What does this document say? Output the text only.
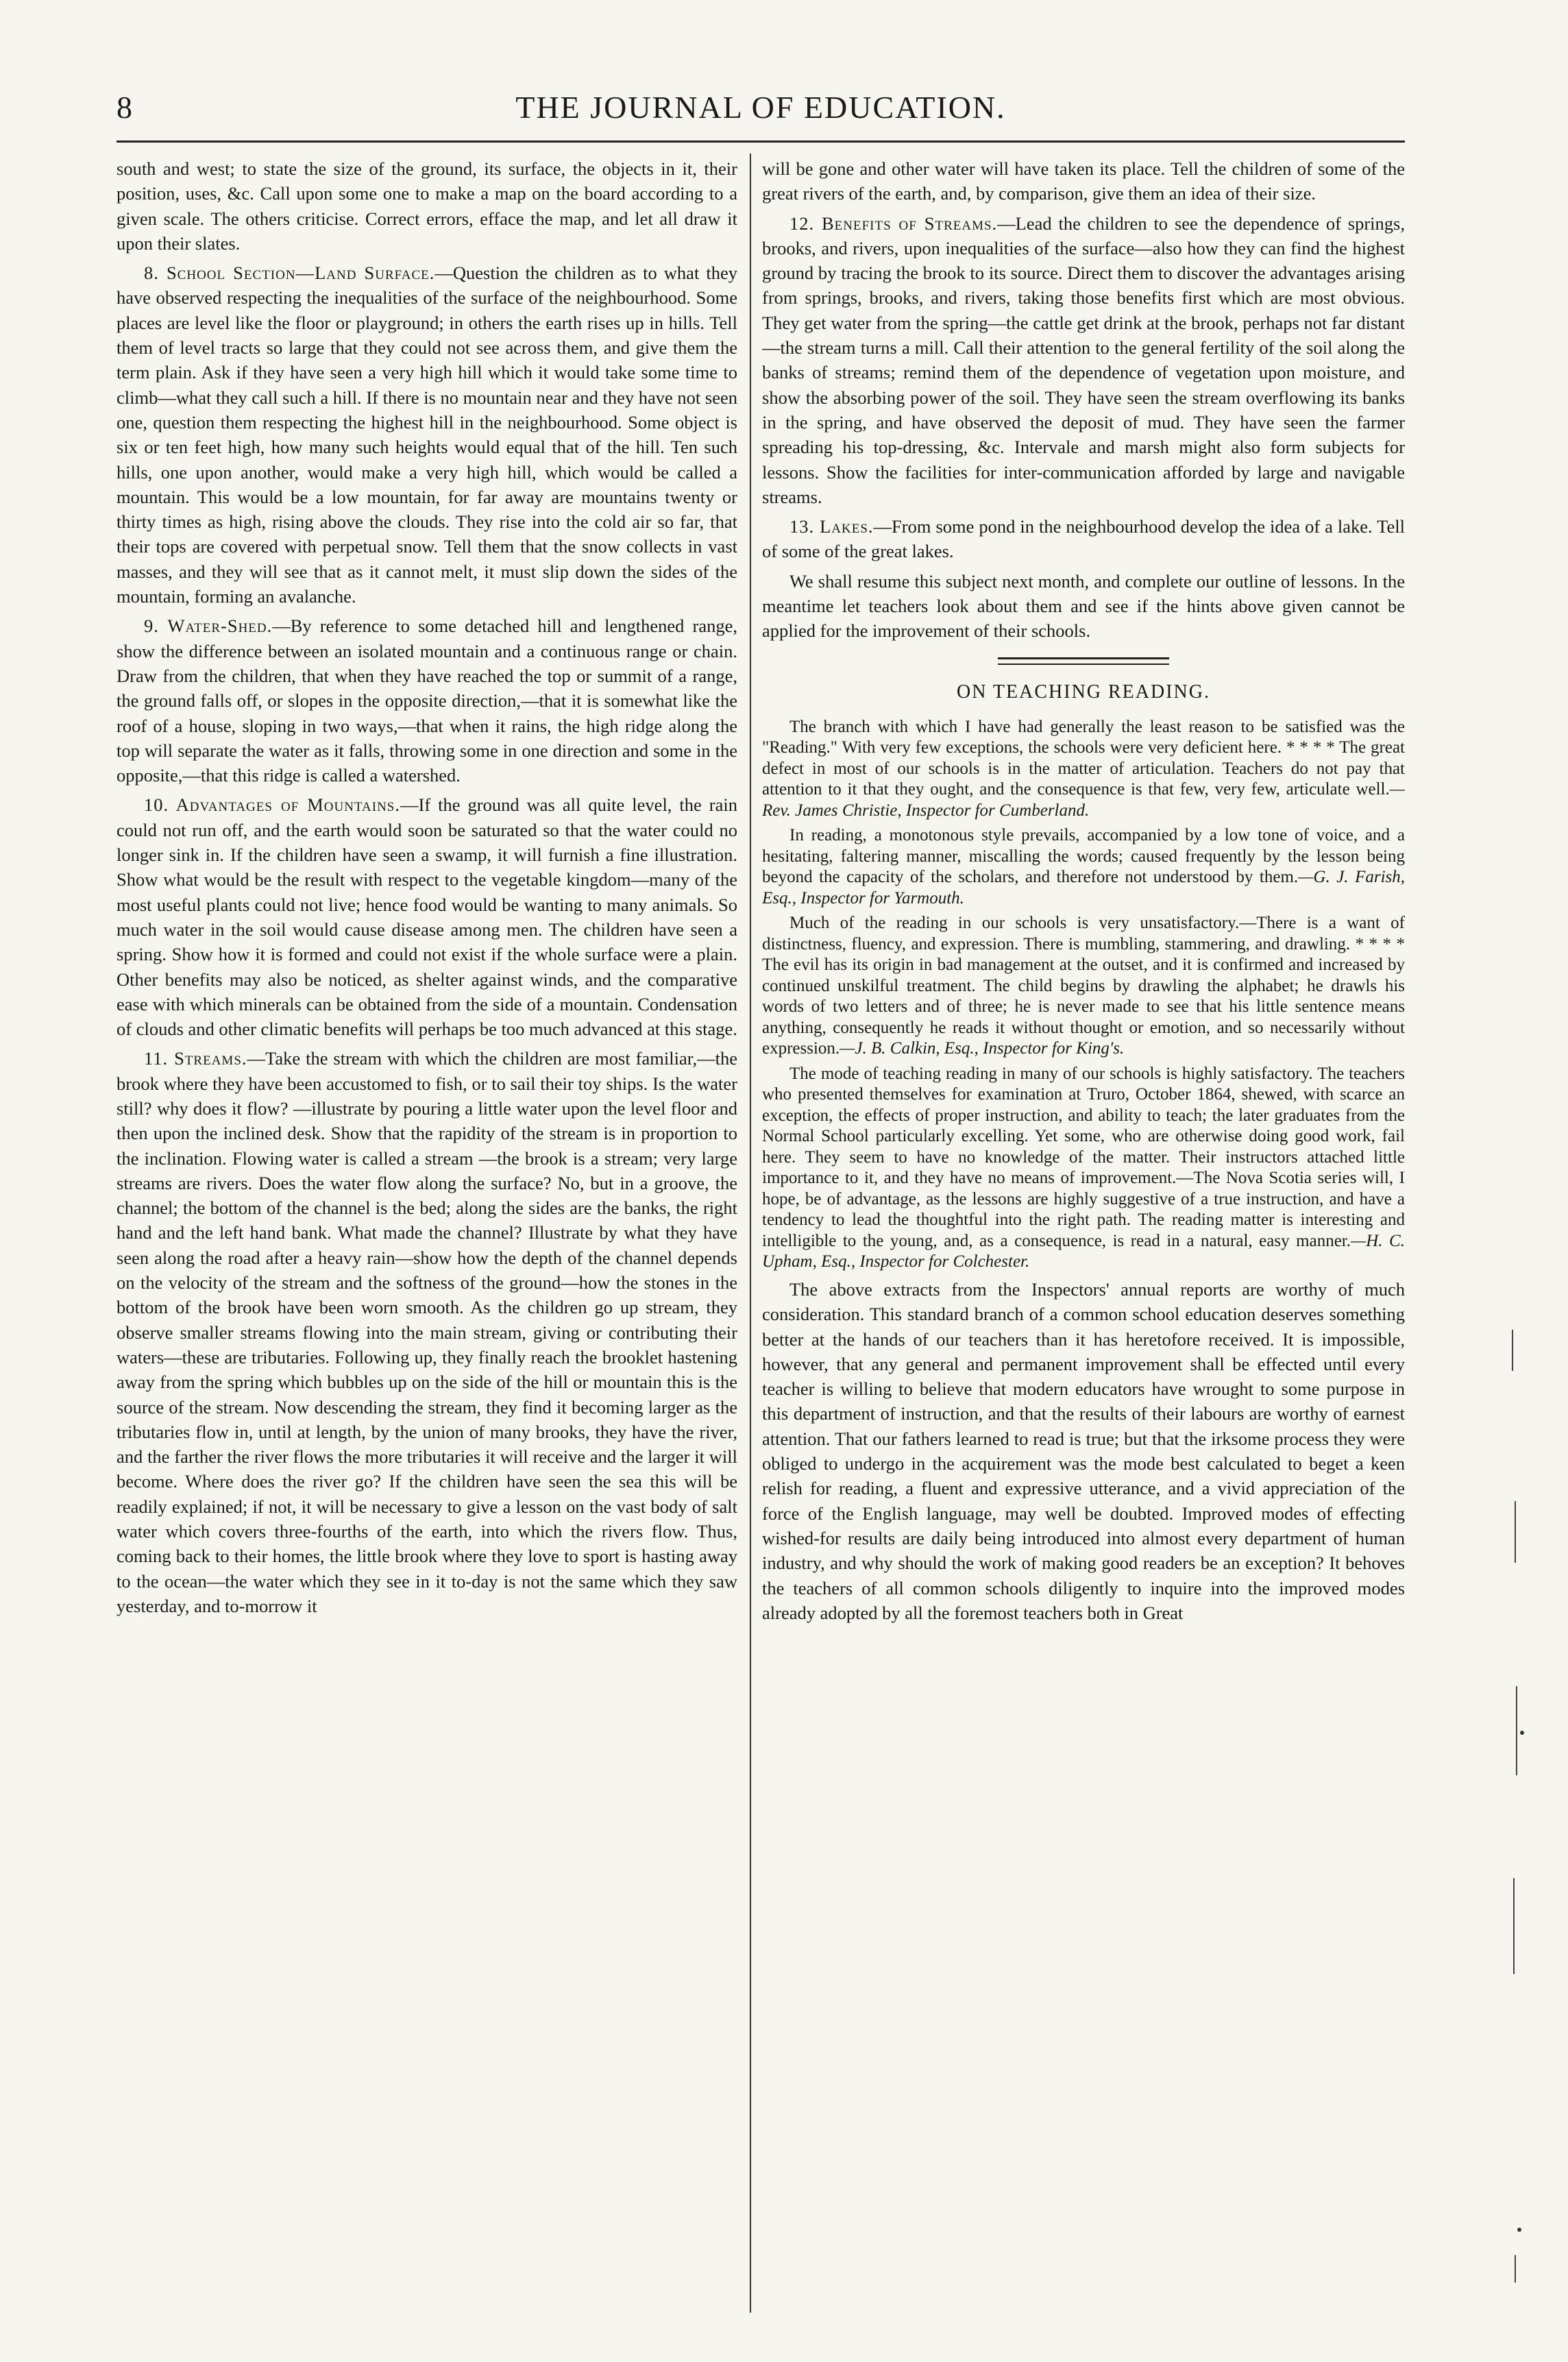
8	THE JOURNAL OF EDUCATION.

south and west; to state the size of the ground, its surface, the objects in it, their position, uses, &c. Call upon some one to make a map on the board according to a given scale. The others criticise. Correct errors, efface the map, and let all draw it upon their slates.

8. School Section—Land Surface.—Question the children as to what they have observed respecting the inequalities of the surface of the neighbourhood. Some places are level like the floor or playground; in others the earth rises up in hills. Tell them of level tracts so large that they could not see across them, and give them the term plain. Ask if they have seen a very high hill which it would take some time to climb—what they call such a hill. If there is no mountain near and they have not seen one, question them respecting the highest hill in the neighbourhood. Some object is six or ten feet high, how many such heights would equal that of the hill. Ten such hills, one upon another, would make a very high hill, which would be called a mountain. This would be a low mountain, for far away are mountains twenty or thirty times as high, rising above the clouds. They rise into the cold air so far, that their tops are covered with perpetual snow. Tell them that the snow collects in vast masses, and they will see that as it cannot melt, it must slip down the sides of the mountain, forming an avalanche.

9. Water-Shed.—By reference to some detached hill and lengthened range, show the difference between an isolated mountain and a continuous range or chain. Draw from the children, that when they have reached the top or summit of a range, the ground falls off, or slopes in the opposite direction,—that it is somewhat like the roof of a house, sloping in two ways,—that when it rains, the high ridge along the top will separate the water as it falls, throwing some in one direction and some in the opposite,—that this ridge is called a watershed.

10. Advantages of Mountains.—If the ground was all quite level, the rain could not run off, and the earth would soon be saturated so that the water could no longer sink in. If the children have seen a swamp, it will furnish a fine illustration. Show what would be the result with respect to the vegetable kingdom—many of the most useful plants could not live; hence food would be wanting to many animals. So much water in the soil would cause disease among men. The children have seen a spring. Show how it is formed and could not exist if the whole surface were a plain. Other benefits may also be noticed, as shelter against winds, and the comparative ease with which minerals can be obtained from the side of a mountain. Condensation of clouds and other climatic benefits will perhaps be too much advanced at this stage.

11. Streams.—Take the stream with which the children are most familiar,—the brook where they have been accustomed to fish, or to sail their toy ships. Is the water still? why does it flow? —illustrate by pouring a little water upon the level floor and then upon the inclined desk. Show that the rapidity of the stream is in proportion to the inclination. Flowing water is called a stream —the brook is a stream; very large streams are rivers. Does the water flow along the surface? No, but in a groove, the channel; the bottom of the channel is the bed; along the sides are the banks, the right hand and the left hand bank. What made the channel? Illustrate by what they have seen along the road after a heavy rain—show how the depth of the channel depends on the velocity of the stream and the softness of the ground—how the stones in the bottom of the brook have been worn smooth. As the children go up stream, they observe smaller streams flowing into the main stream, giving or contributing their waters—these are tributaries. Following up, they finally reach the brooklet hastening away from the spring which bubbles up on the side of the hill or mountain this is the source of the stream. Now descending the stream, they find it becoming larger as the tributaries flow in, until at length, by the union of many brooks, they have the river, and the farther the river flows the more tributaries it will receive and the larger it will become. Where does the river go? If the children have seen the sea this will be readily explained; if not, it will be necessary to give a lesson on the vast body of salt water which covers three-fourths of the earth, into which the rivers flow. Thus, coming back to their homes, the little brook where they love to sport is hasting away to the ocean—the water which they see in it to-day is not the same which they saw yesterday, and to-morrow it

will be gone and other water will have taken its place. Tell the children of some of the great rivers of the earth, and, by comparison, give them an idea of their size.

12. Benefits of Streams.—Lead the children to see the dependence of springs, brooks, and rivers, upon inequalities of the surface—also how they can find the highest ground by tracing the brook to its source. Direct them to discover the advantages arising from springs, brooks, and rivers, taking those benefits first which are most obvious. They get water from the spring—the cattle get drink at the brook, perhaps not far distant—the stream turns a mill. Call their attention to the general fertility of the soil along the banks of streams; remind them of the dependence of vegetation upon moisture, and show the absorbing power of the soil. They have seen the stream overflowing its banks in the spring, and have observed the deposit of mud. They have seen the farmer spreading his top-dressing, &c. Intervale and marsh might also form subjects for lessons. Show the facilities for inter-communication afforded by large and navigable streams.

13. Lakes.—From some pond in the neighbourhood develop the idea of a lake. Tell of some of the great lakes.

We shall resume this subject next month, and complete our outline of lessons. In the meantime let teachers look about them and see if the hints above given cannot be applied for the improvement of their schools.

ON TEACHING READING.

The branch with which I have had generally the least reason to be satisfied was the "Reading." With very few exceptions, the schools were very deficient here. * * * * The great defect in most of our schools is in the matter of articulation. Teachers do not pay that attention to it that they ought, and the consequence is that few, very few, articulate well.—Rev. James Christie, Inspector for Cumberland.

In reading, a monotonous style prevails, accompanied by a low tone of voice, and a hesitating, faltering manner, miscalling the words; caused frequently by the lesson being beyond the capacity of the scholars, and therefore not understood by them.—G. J. Farish, Esq., Inspector for Yarmouth.

Much of the reading in our schools is very unsatisfactory.—There is a want of distinctness, fluency, and expression. There is mumbling, stammering, and drawling. * * * * The evil has its origin in bad management at the outset, and it is confirmed and increased by continued unskilful treatment. The child begins by drawling the alphabet; he drawls his words of two letters and of three; he is never made to see that his little sentence means anything, consequently he reads it without thought or emotion, and so necessarily without expression.—J. B. Calkin, Esq., Inspector for King's.

The mode of teaching reading in many of our schools is highly satisfactory. The teachers who presented themselves for examination at Truro, October 1864, shewed, with scarce an exception, the effects of proper instruction, and ability to teach; the later graduates from the Normal School particularly excelling. Yet some, who are otherwise doing good work, fail here. They seem to have no knowledge of the matter. Their instructors attached little importance to it, and they have no means of improvement.—The Nova Scotia series will, I hope, be of advantage, as the lessons are highly suggestive of a true instruction, and have a tendency to lead the thoughtful into the right path. The reading matter is interesting and intelligible to the young, and, as a consequence, is read in a natural, easy manner.—H. C. Upham, Esq., Inspector for Colchester.

The above extracts from the Inspectors' annual reports are worthy of much consideration. This standard branch of a common school education deserves something better at the hands of our teachers than it has heretofore received. It is impossible, however, that any general and permanent improvement shall be effected until every teacher is willing to believe that modern educators have wrought to some purpose in this department of instruction, and that the results of their labours are worthy of earnest attention. That our fathers learned to read is true; but that the irksome process they were obliged to undergo in the acquirement was the mode best calculated to beget a keen relish for reading, a fluent and expressive utterance, and a vivid appreciation of the force of the English language, may well be doubted. Improved modes of effecting wished-for results are daily being introduced into almost every department of human industry, and why should the work of making good readers be an exception? It behoves the teachers of all common schools diligently to inquire into the improved modes already adopted by all the foremost teachers both in Great
